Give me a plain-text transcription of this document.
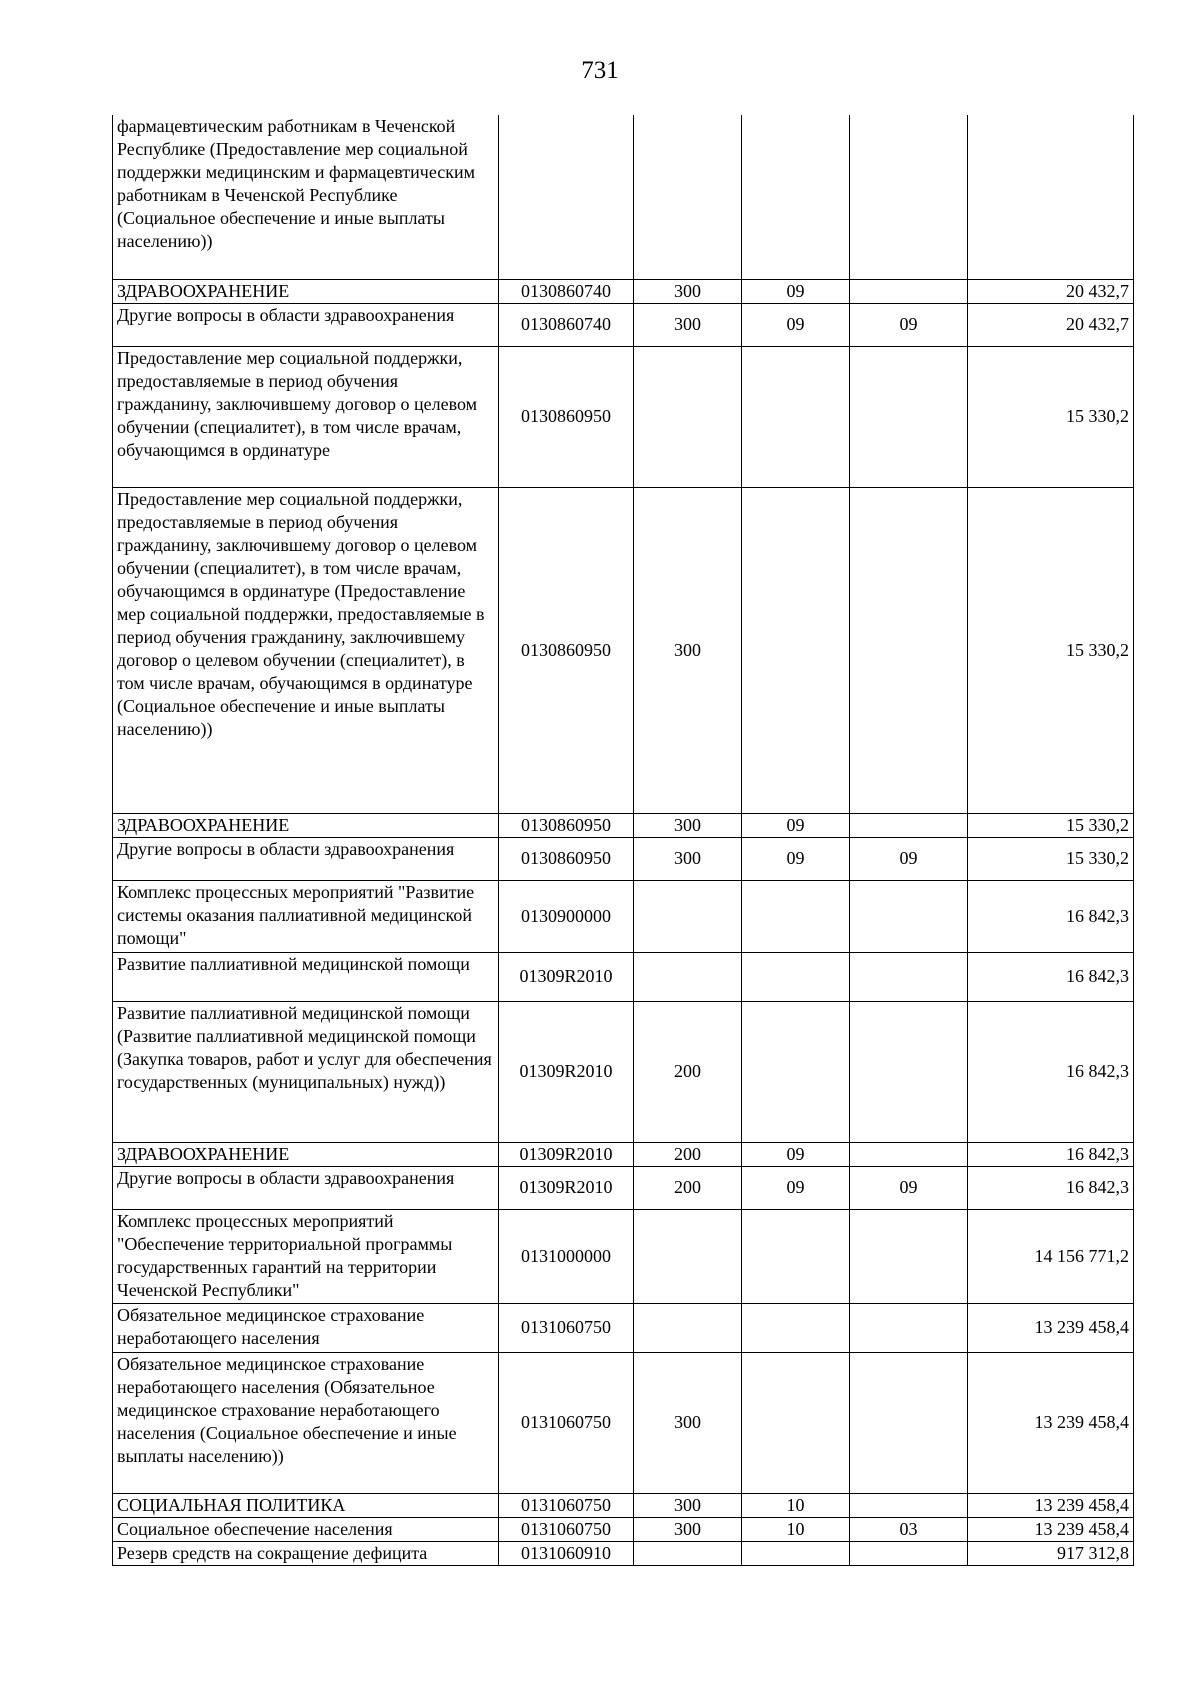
731
фармацевтическим работникам в Чеченской Республике (Предоставление мер социальной поддержки медицинским и фармацевтическим работникам в Чеченской Республике (Социальное обеспечение и иные выплаты населению))					
ЗДРАВООХРАНЕНИЕ	0130860740	300	09		20 432,7
Другие вопросы в области здравоохранения	0130860740	300	09	09	20 432,7
Предоставление мер социальной поддержки, предоставляемые в период обучения гражданину, заключившему договор о целевом обучении (специалитет), в том числе врачам, обучающимся в ординатуре	0130860950				15 330,2
Предоставление мер социальной поддержки, предоставляемые в период обучения гражданину, заключившему договор о целевом обучении (специалитет), в том числе врачам, обучающимся в ординатуре (Предоставление мер социальной поддержки, предоставляемые в период обучения гражданину, заключившему договор о целевом обучении (специалитет), в том числе врачам, обучающимся в ординатуре (Социальное обеспечение и иные выплаты населению))	0130860950	300			15 330,2
ЗДРАВООХРАНЕНИЕ	0130860950	300	09		15 330,2
Другие вопросы в области здравоохранения	0130860950	300	09	09	15 330,2
Комплекс процессных мероприятий "Развитие системы оказания паллиативной медицинской помощи"	0130900000				16 842,3
Развитие паллиативной медицинской помощи	01309R2010				16 842,3
Развитие паллиативной медицинской помощи (Развитие паллиативной медицинской помощи (Закупка товаров, работ и услуг для обеспечения государственных (муниципальных) нужд))	01309R2010	200			16 842,3
ЗДРАВООХРАНЕНИЕ	01309R2010	200	09		16 842,3
Другие вопросы в области здравоохранения	01309R2010	200	09	09	16 842,3
Комплекс процессных мероприятий "Обеспечение территориальной программы государственных гарантий на территории Чеченской Республики"	0131000000				14 156 771,2
Обязательное медицинское страхование неработающего населения	0131060750				13 239 458,4
Обязательное медицинское страхование неработающего населения (Обязательное медицинское страхование неработающего населения (Социальное обеспечение и иные выплаты населению))	0131060750	300			13 239 458,4
СОЦИАЛЬНАЯ ПОЛИТИКА	0131060750	300	10		13 239 458,4
Социальное обеспечение населения	0131060750	300	10	03	13 239 458,4
Резерв средств на сокращение дефицита	0131060910				917 312,8
